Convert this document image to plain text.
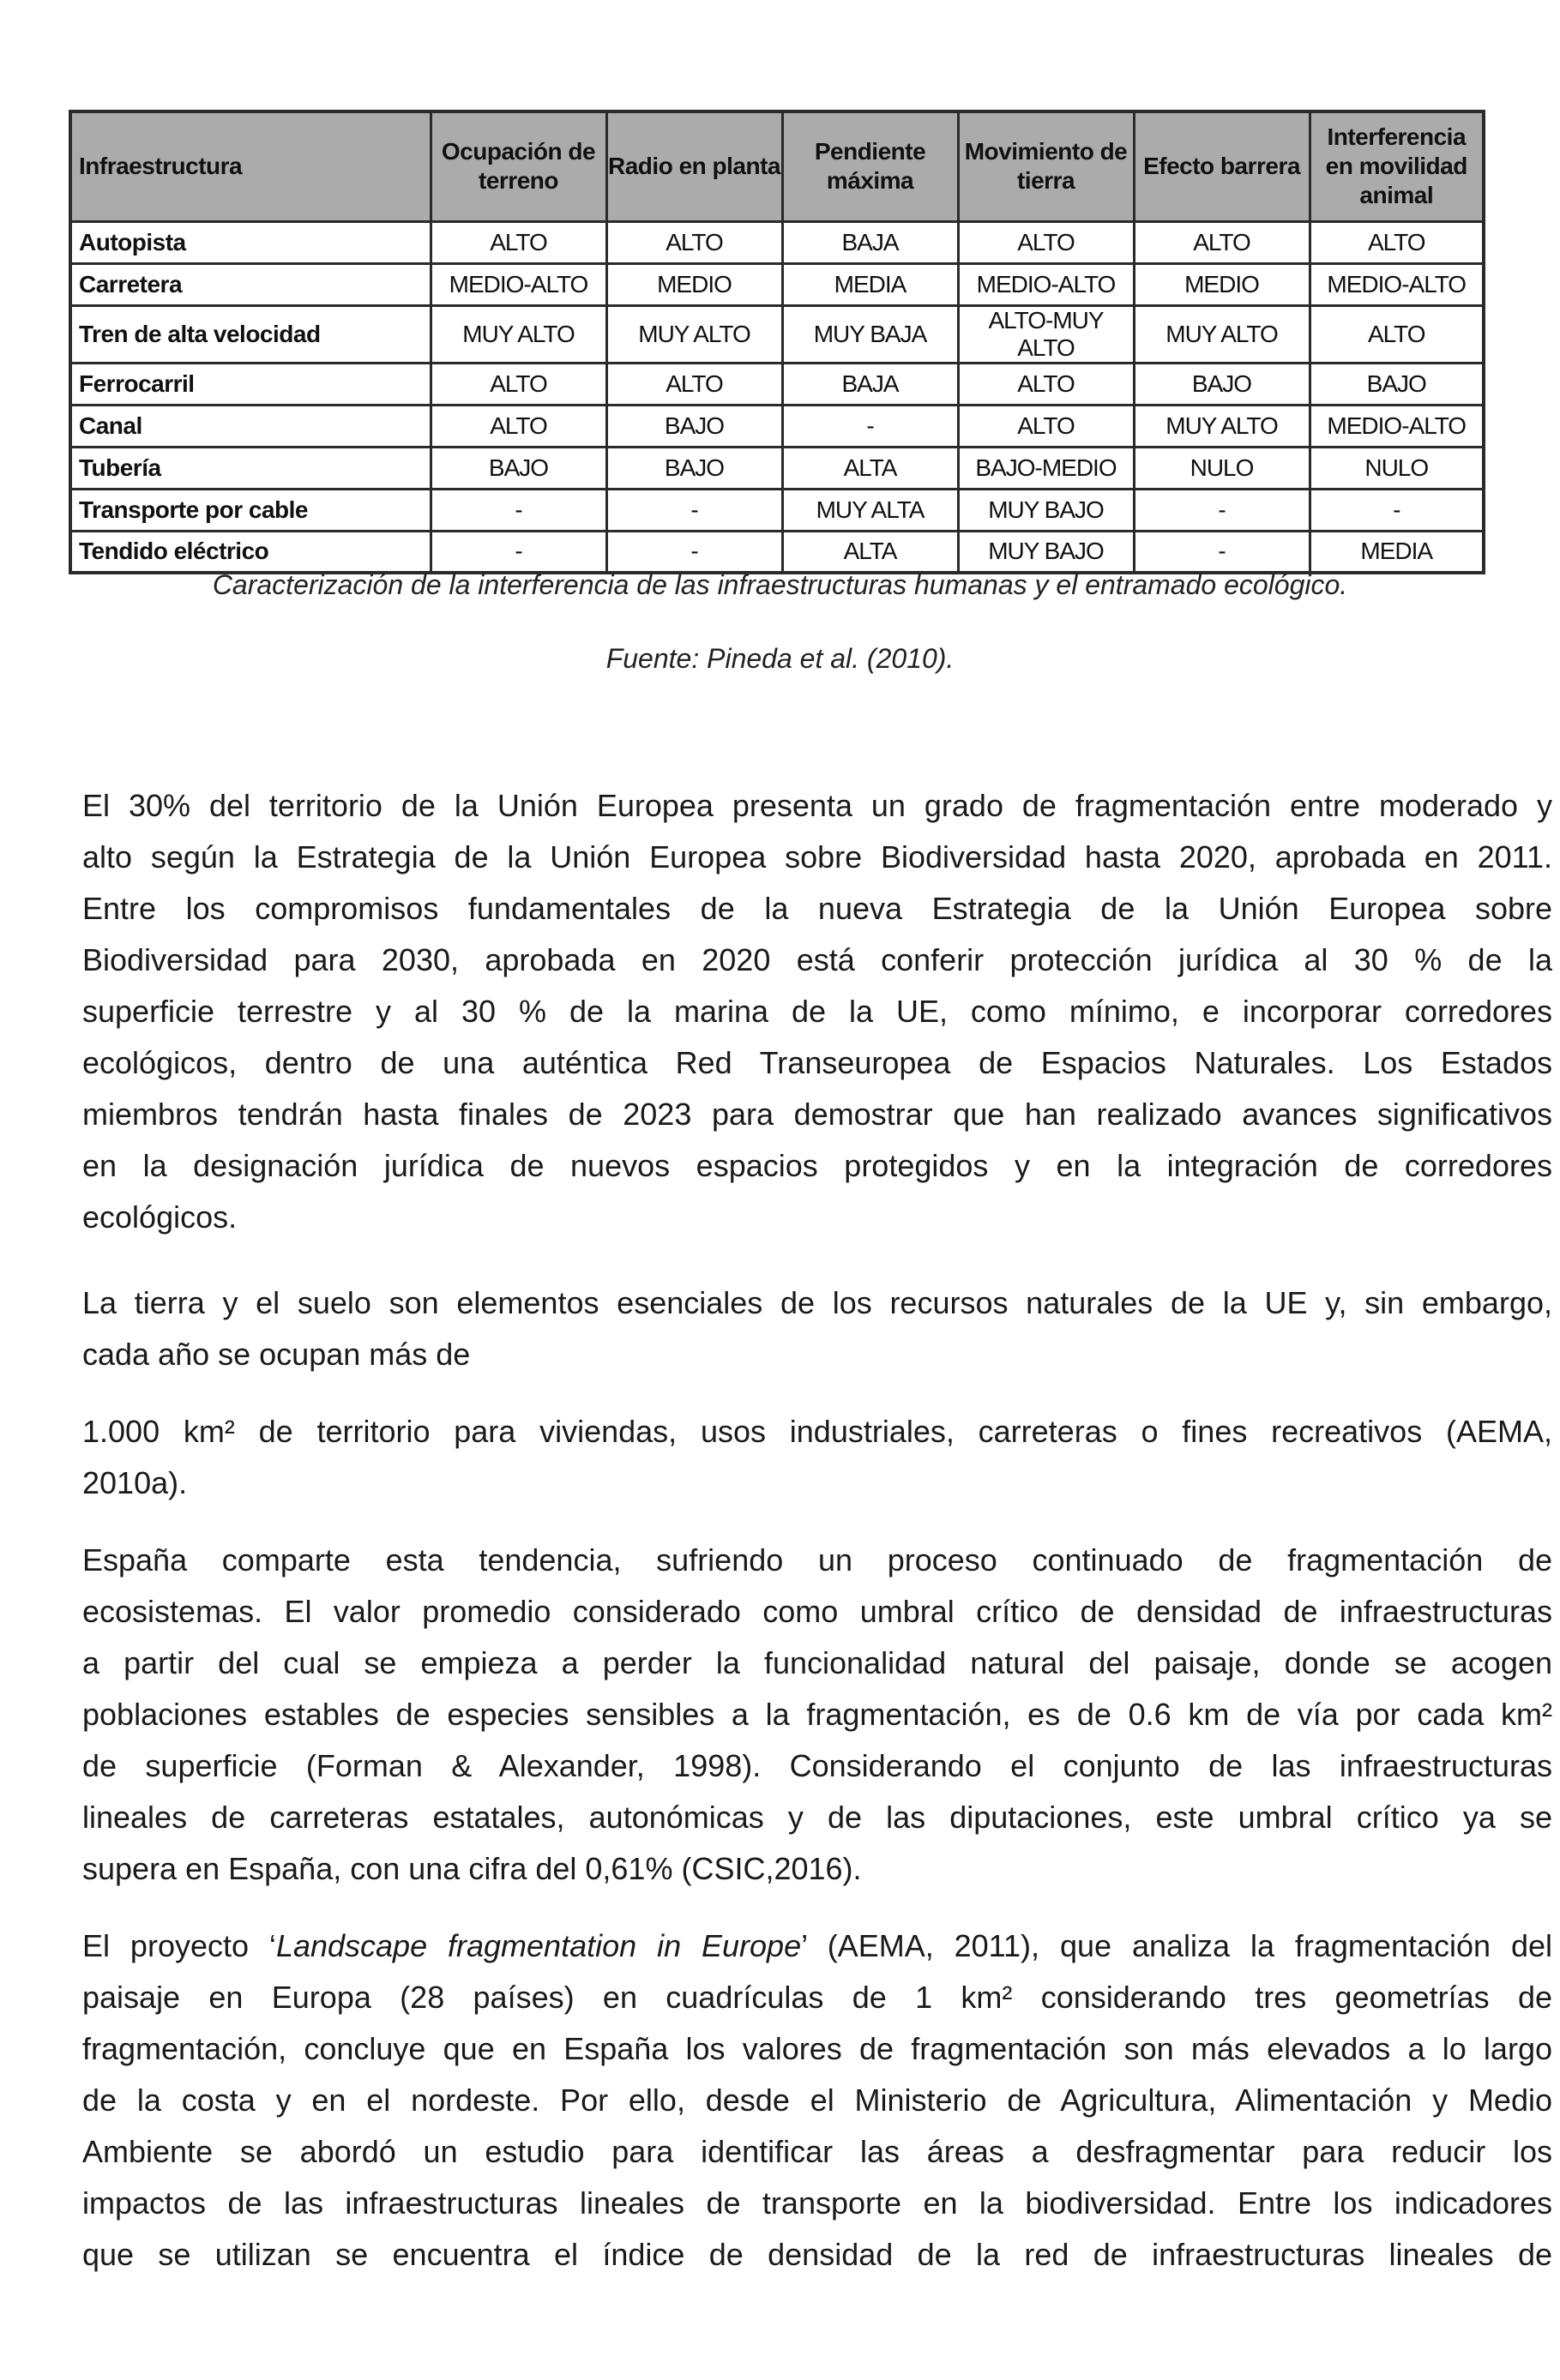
Infraestructura	Ocupación de terreno	Radio en planta	Pendiente máxima	Movimiento de tierra	Efecto barrera	Interferencia en movilidad animal
Autopista	ALTO	ALTO	BAJA	ALTO	ALTO	ALTO
Carretera	MEDIO-ALTO	MEDIO	MEDIA	MEDIO-ALTO	MEDIO	MEDIO-ALTO
Tren de alta velocidad	MUY ALTO	MUY ALTO	MUY BAJA	ALTO-MUY ALTO	MUY ALTO	ALTO
Ferrocarril	ALTO	ALTO	BAJA	ALTO	BAJO	BAJO
Canal	ALTO	BAJO	-	ALTO	MUY ALTO	MEDIO-ALTO
Tubería	BAJO	BAJO	ALTA	BAJO-MEDIO	NULO	NULO
Transporte por cable	-	-	MUY ALTA	MUY BAJO	-	-
Tendido eléctrico	-	-	ALTA	MUY BAJO	-	MEDIA
Caracterización de la interferencia de las infraestructuras humanas y el entramado ecológico.
Fuente: Pineda et al. (2010).

El 30% del territorio de la Unión Europea presenta un grado de fragmentación entre moderado y

alto según la Estrategia de la Unión Europea sobre Biodiversidad hasta 2020, aprobada en 2011.

Entre los compromisos fundamentales de la nueva Estrategia de la Unión Europea sobre

Biodiversidad para 2030, aprobada en 2020 está conferir protección jurídica al 30 % de la

superficie terrestre y al 30 % de la marina de la UE, como mínimo, e incorporar corredores

ecológicos, dentro de una auténtica Red Transeuropea de Espacios Naturales. Los Estados

miembros tendrán hasta finales de 2023 para demostrar que han realizado avances significativos

en la designación jurídica de nuevos espacios protegidos y en la integración de corredores

ecológicos.

La tierra y el suelo son elementos esenciales de los recursos naturales de la UE y, sin embargo,

cada año se ocupan más de

1.000 km² de territorio para viviendas, usos industriales, carreteras o fines recreativos (AEMA,

2010a).

España comparte esta tendencia, sufriendo un proceso continuado de fragmentación de

ecosistemas. El valor promedio considerado como umbral crítico de densidad de infraestructuras

a partir del cual se empieza a perder la funcionalidad natural del paisaje, donde se acogen

poblaciones estables de especies sensibles a la fragmentación, es de 0.6 km de vía por cada km²

de superficie (Forman & Alexander, 1998). Considerando el conjunto de las infraestructuras

lineales de carreteras estatales, autonómicas y de las diputaciones, este umbral crítico ya se

supera en España, con una cifra del 0,61% (CSIC,2016).

El proyecto ‘Landscape fragmentation in Europe’ (AEMA, 2011), que analiza la fragmentación del

paisaje en Europa (28 países) en cuadrículas de 1 km² considerando tres geometrías de

fragmentación, concluye que en España los valores de fragmentación son más elevados a lo largo

de la costa y en el nordeste. Por ello, desde el Ministerio de Agricultura, Alimentación y Medio

Ambiente se abordó un estudio para identificar las áreas a desfragmentar para reducir los

impactos de las infraestructuras lineales de transporte en la biodiversidad. Entre los indicadores

que se utilizan se encuentra el índice de densidad de la red de infraestructuras lineales de
